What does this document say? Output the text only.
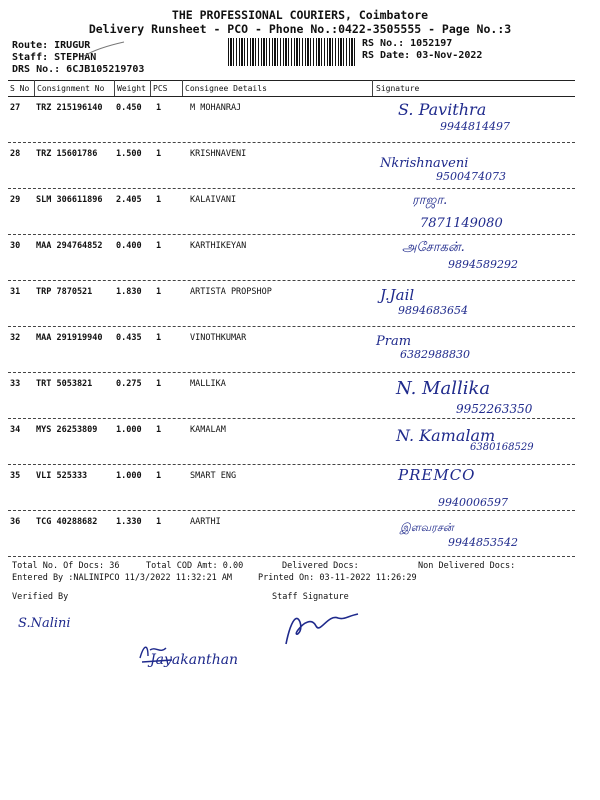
THE PROFESSIONAL COURIERS, Coimbatore
Delivery Runsheet - PCO - Phone No.:0422-3505555 - Page No.:3
Route: IRUGUR
Staff: STEPHAN
DRS No.: 6CJB105219703
RS No.: 1052197
RS Date: 03-Nov-2022
S No Consignment No Weight PCS Consignee Details	Signature
27 TRZ 215196140 0.450 1	M MOHANRAJ	S. Pavithra
9944814497
28 TRZ 15601786 1.500 1	KRISHNAVENI
Nkrishnaveni
9500474073
29 SLM 306611896 2.405 1	KALAIVANI	ராஜா.
7871149080
30 MAA 294764852 0.400 1	KARTHIKEYAN	அசோகன்.
9894589292
31 TRP 7870521	1.830 1	ARTISTA PROPSHOP	J.Jail
9894683654
32 MAA 291919940 0.435 1	VINOTHKUMAR	Pram
6382988830
33 TRT 5053821	0.275 1	MALLIKA	N. Mallika
9952263350
34 MYS 26253809 1.000 1	KAMALAM	N. Kamalam
6380168529
35 VLI 525333	1.000 1	SMART ENG	PREMCO
9940006597
36 TCG 40288682 1.330 1	AARTHI	இளவரசன்
9944853542
Total No. Of Docs: 36	Total COD Amt: 0.00	Delivered Docs:	Non Delivered Docs:
Entered By :NALINIPCO 11/3/2022 11:32:21 AM	Printed On: 03-11-2022 11:26:29
Verified By	Staff Signature
S.Nalini
Jayakanthan
